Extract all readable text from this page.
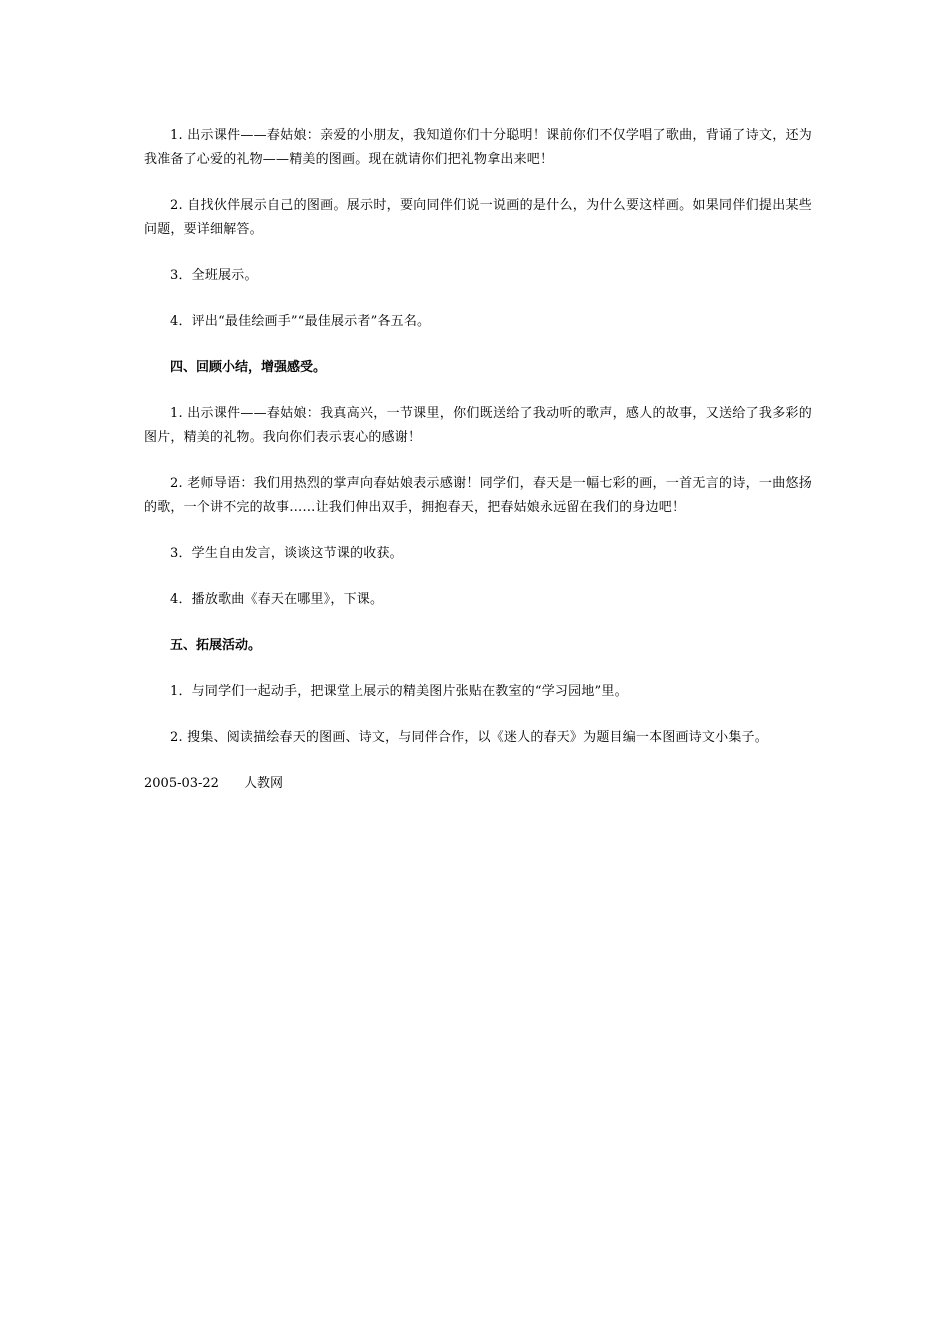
1. 出示课件——春姑娘：亲爱的小朋友，我知道你们十分聪明！课前你们不仅学唱了歌曲，背诵了诗文，还为我准备了心爱的礼物——精美的图画。现在就请你们把礼物拿出来吧！

2. 自找伙伴展示自己的图画。展示时，要向同伴们说一说画的是什么，为什么要这样画。如果同伴们提出某些问题，要详细解答。

3．全班展示。

4．评出“最佳绘画手”“最佳展示者”各五名。

四、回顾小结，增强感受。

1. 出示课件——春姑娘：我真高兴，一节课里，你们既送给了我动听的歌声，感人的故事，又送给了我多彩的图片，精美的礼物。我向你们表示衷心的感谢！

2. 老师导语：我们用热烈的掌声向春姑娘表示感谢！同学们，春天是一幅七彩的画，一首无言的诗，一曲悠扬的歌，一个讲不完的故事……让我们伸出双手，拥抱春天，把春姑娘永远留在我们的身边吧！

3．学生自由发言，谈谈这节课的收获。

4．播放歌曲《春天在哪里》，下课。

五、拓展活动。

1．与同学们一起动手，把课堂上展示的精美图片张贴在教室的“学习园地”里。

2. 搜集、阅读描绘春天的图画、诗文，与同伴合作，以《迷人的春天》为题目编一本图画诗文小集子。

2005-03-22 人教网
